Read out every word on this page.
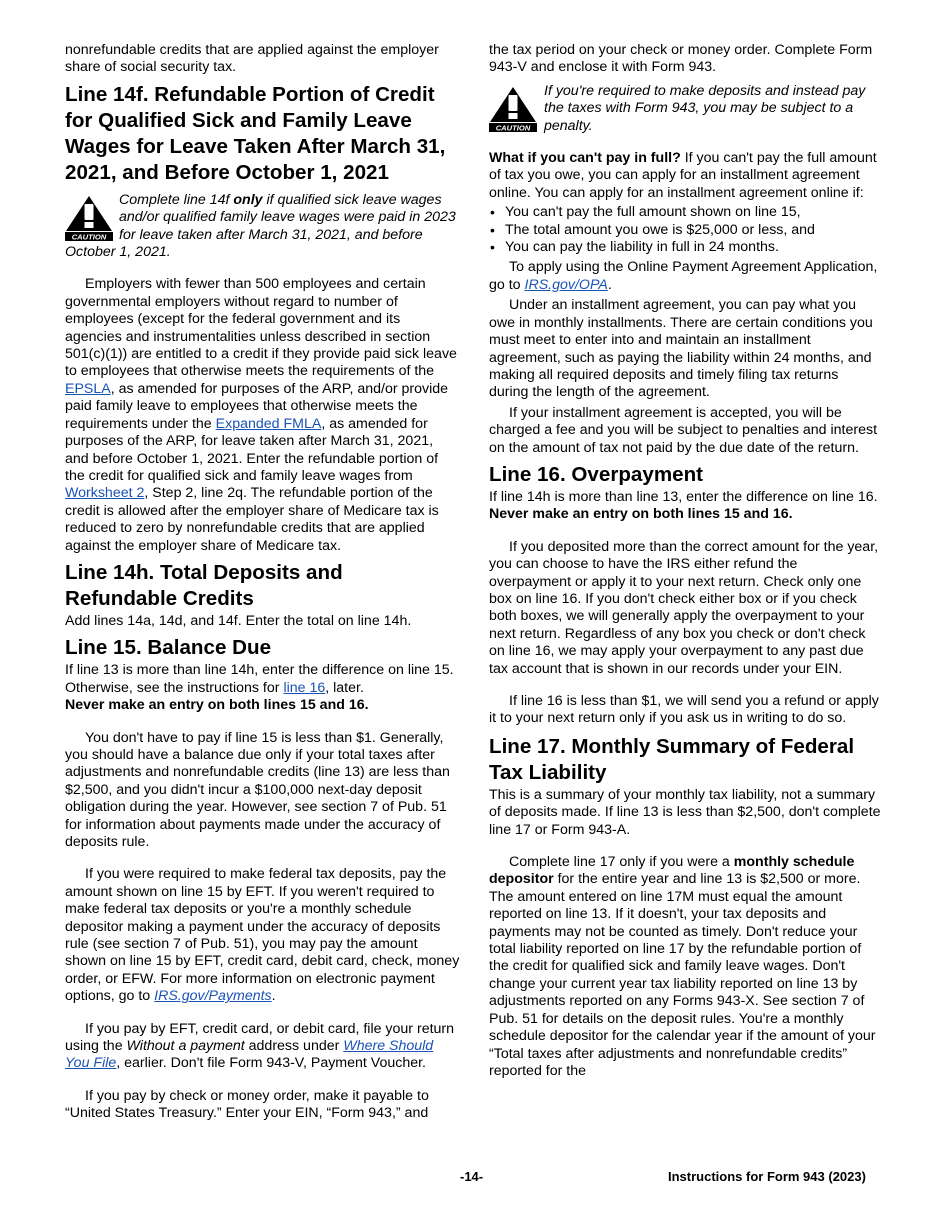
nonrefundable credits that are applied against the employer share of social security tax.

Line 14f. Refundable Portion of Credit for Qualified Sick and Family Leave Wages for Leave Taken After March 31, 2021, and Before October 1, 2021
CAUTION
Complete line 14f only if qualified sick leave wages and/or qualified family leave wages were paid in 2023 for leave taken after March 31, 2021, and before October 1, 2021.

Employers with fewer than 500 employees and certain governmental employers without regard to number of employees (except for the federal government and its agencies and instrumentalities unless described in section 501(c)(1)) are entitled to a credit if they provide paid sick leave to employees that otherwise meets the requirements of the EPSLA, as amended for purposes of the ARP, and/or provide paid family leave to employees that otherwise meets the requirements under the Expanded FMLA, as amended for purposes of the ARP, for leave taken after March 31, 2021, and before October 1, 2021. Enter the refundable portion of the credit for qualified sick and family leave wages from Worksheet 2, Step 2, line 2q. The refundable portion of the credit is allowed after the employer share of Medicare tax is reduced to zero by nonrefundable credits that are applied against the employer share of Medicare tax.

Line 14h. Total Deposits and Refundable Credits

Add lines 14a, 14d, and 14f. Enter the total on line 14h.

Line 15. Balance Due

If line 13 is more than line 14h, enter the difference on line 15. Otherwise, see the instructions for line 16, later.
Never make an entry on both lines 15 and 16.

You don't have to pay if line 15 is less than $1. Generally, you should have a balance due only if your total taxes after adjustments and nonrefundable credits (line 13) are less than $2,500, and you didn't incur a $100,000 next-day deposit obligation during the year. However, see section 7 of Pub. 51 for information about payments made under the accuracy of deposits rule.

If you were required to make federal tax deposits, pay the amount shown on line 15 by EFT. If you weren't required to make federal tax deposits or you're a monthly schedule depositor making a payment under the accuracy of deposits rule (see section 7 of Pub. 51), you may pay the amount shown on line 15 by EFT, credit card, debit card, check, money order, or EFW. For more information on electronic payment options, go to IRS.gov/Payments.

If you pay by EFT, credit card, or debit card, file your return using the Without a payment address under Where Should You File, earlier. Don't file Form 943-V, Payment Voucher.

If you pay by check or money order, make it payable to “United States Treasury.” Enter your EIN, “Form 943,” and

the tax period on your check or money order. Complete Form 943-V and enclose it with Form 943.

CAUTION
If you're required to make deposits and instead pay the taxes with Form 943, you may be subject to a penalty.

What if you can't pay in full? If you can't pay the full amount of tax you owe, you can apply for an installment agreement online. You can apply for an installment agreement online if:

• You can't pay the full amount shown on line 15,
• The total amount you owe is $25,000 or less, and
• You can pay the liability in full in 24 months.

To apply using the Online Payment Agreement Application, go to IRS.gov/OPA.

Under an installment agreement, you can pay what you owe in monthly installments. There are certain conditions you must meet to enter into and maintain an installment agreement, such as paying the liability within 24 months, and making all required deposits and timely filing tax returns during the length of the agreement.

If your installment agreement is accepted, you will be charged a fee and you will be subject to penalties and interest on the amount of tax not paid by the due date of the return.

Line 16. Overpayment

If line 14h is more than line 13, enter the difference on line 16. Never make an entry on both lines 15 and 16.

If you deposited more than the correct amount for the year, you can choose to have the IRS either refund the overpayment or apply it to your next return. Check only one box on line 16. If you don't check either box or if you check both boxes, we will generally apply the overpayment to your next return. Regardless of any box you check or don't check on line 16, we may apply your overpayment to any past due tax account that is shown in our records under your EIN.

If line 16 is less than $1, we will send you a refund or apply it to your next return only if you ask us in writing to do so.

Line 17. Monthly Summary of Federal Tax Liability

This is a summary of your monthly tax liability, not a summary of deposits made. If line 13 is less than $2,500, don't complete line 17 or Form 943-A.

Complete line 17 only if you were a monthly schedule depositor for the entire year and line 13 is $2,500 or more. The amount entered on line 17M must equal the amount reported on line 13. If it doesn't, your tax deposits and payments may not be counted as timely. Don't reduce your total liability reported on line 17 by the refundable portion of the credit for qualified sick and family leave wages. Don't change your current year tax liability reported on line 13 by adjustments reported on any Forms 943-X. See section 7 of Pub. 51 for details on the deposit rules. You're a monthly schedule depositor for the calendar year if the amount of your “Total taxes after adjustments and nonrefundable credits” reported for the

-14-	Instructions for Form 943 (2023)
